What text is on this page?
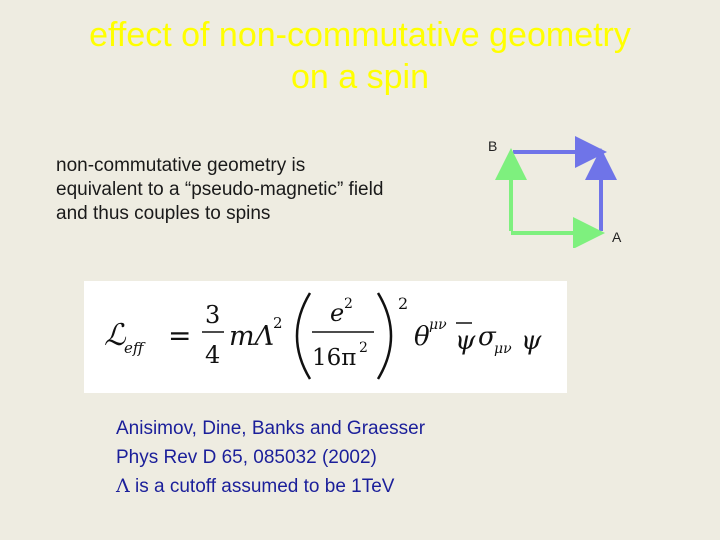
effect of non-commutative geometry
on a spin
non-commutative geometry is
equivalent to a “pseudo-magnetic” field
and thus couples to spins
B
A
ℒ
eff =
3
4
mΛ
2 e 2
16π 2
2
θ μν
ψ σ
μν ψ
Anisimov, Dine, Banks and Graesser
Phys Rev D 65, 085032 (2002)
Λ is a cutoff assumed to be 1TeV
